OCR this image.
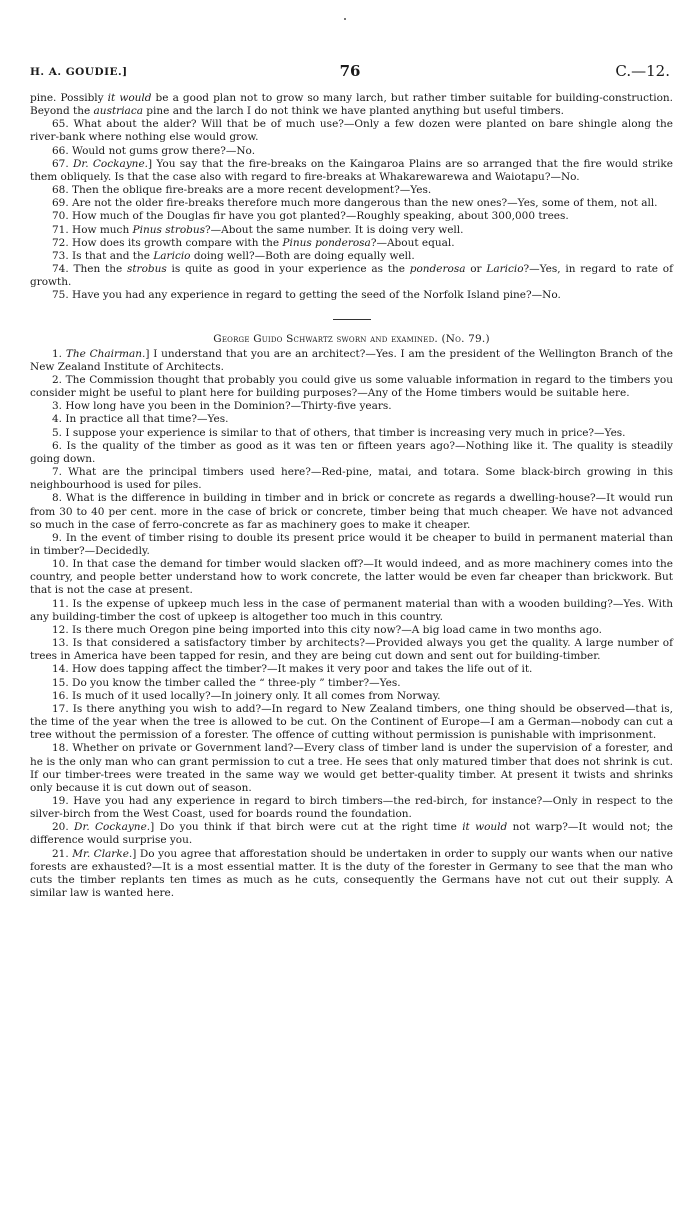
H. A. GOUDIE.]	76	C.—12.

pine. Possibly it would be a good plan not to grow so many larch, but rather timber suitable for building-construction. Beyond the austriaca pine and the larch I do not think we have planted anything but useful timbers.

65. What about the alder? Will that be of much use?—Only a few dozen were planted on bare shingle along the river-bank where nothing else would grow.

66. Would not gums grow there?—No.

67. Dr. Cockayne.] You say that the fire-breaks on the Kaingaroa Plains are so arranged that the fire would strike them obliquely. Is that the case also with regard to fire-breaks at Whakarewarewa and Waiotapu?—No.

68. Then the oblique fire-breaks are a more recent development?—Yes.

69. Are not the older fire-breaks therefore much more dangerous than the new ones?—Yes, some of them, not all.

70. How much of the Douglas fir have you got planted?—Roughly speaking, about 300,000 trees.

71. How much Pinus strobus?—About the same number. It is doing very well.

72. How does its growth compare with the Pinus ponderosa?—About equal.

73. Is that and the Laricio doing well?—Both are doing equally well.

74. Then the strobus is quite as good in your experience as the ponderosa or Laricio?—Yes, in regard to rate of growth.

75. Have you had any experience in regard to getting the seed of the Norfolk Island pine?—No.

George Guido Schwartz sworn and examined. (No. 79.)

1. The Chairman.] I understand that you are an architect?—Yes. I am the president of the Wellington Branch of the New Zealand Institute of Architects.

2. The Commission thought that probably you could give us some valuable information in regard to the timbers you consider might be useful to plant here for building purposes?—Any of the Home timbers would be suitable here.

3. How long have you been in the Dominion?—Thirty-five years.

4. In practice all that time?—Yes.

5. I suppose your experience is similar to that of others, that timber is increasing very much in price?—Yes.

6. Is the quality of the timber as good as it was ten or fifteen years ago?—Nothing like it. The quality is steadily going down.

7. What are the principal timbers used here?—Red-pine, matai, and totara. Some black-birch growing in this neighbourhood is used for piles.

8. What is the difference in building in timber and in brick or concrete as regards a dwelling-house?—It would run from 30 to 40 per cent. more in the case of brick or concrete, timber being that much cheaper. We have not advanced so much in the case of ferro-concrete as far as machinery goes to make it cheaper.

9. In the event of timber rising to double its present price would it be cheaper to build in permanent material than in timber?—Decidedly.

10. In that case the demand for timber would slacken off?—It would indeed, and as more machinery comes into the country, and people better understand how to work concrete, the latter would be even far cheaper than brickwork. But that is not the case at present.

11. Is the expense of upkeep much less in the case of permanent material than with a wooden building?—Yes. With any building-timber the cost of upkeep is altogether too much in this country.

12. Is there much Oregon pine being imported into this city now?—A big load came in two months ago.

13. Is that considered a satisfactory timber by architects?—Provided always you get the quality. A large number of trees in America have been tapped for resin, and they are being cut down and sent out for building-timber.

14. How does tapping affect the timber?—It makes it very poor and takes the life out of it.

15. Do you know the timber called the “ three-ply ” timber?—Yes.

16. Is much of it used locally?—In joinery only. It all comes from Norway.

17. Is there anything you wish to add?—In regard to New Zealand timbers, one thing should be observed—that is, the time of the year when the tree is allowed to be cut. On the Continent of Europe—I am a German—nobody can cut a tree without the permission of a forester. The offence of cutting without permission is punishable with imprisonment.

18. Whether on private or Government land?—Every class of timber land is under the supervision of a forester, and he is the only man who can grant permission to cut a tree. He sees that only matured timber that does not shrink is cut. If our timber-trees were treated in the same way we would get better-quality timber. At present it twists and shrinks only because it is cut down out of season.

19. Have you had any experience in regard to birch timbers—the red-birch, for instance?—Only in respect to the silver-birch from the West Coast, used for boards round the foundation.

20. Dr. Cockayne.] Do you think if that birch were cut at the right time it would not warp?—It would not; the difference would surprise you.

21. Mr. Clarke.] Do you agree that afforestation should be undertaken in order to supply our wants when our native forests are exhausted?—It is a most essential matter. It is the duty of the forester in Germany to see that the man who cuts the timber replants ten times as much as he cuts, consequently the Germans have not cut out their supply. A similar law is wanted here.
